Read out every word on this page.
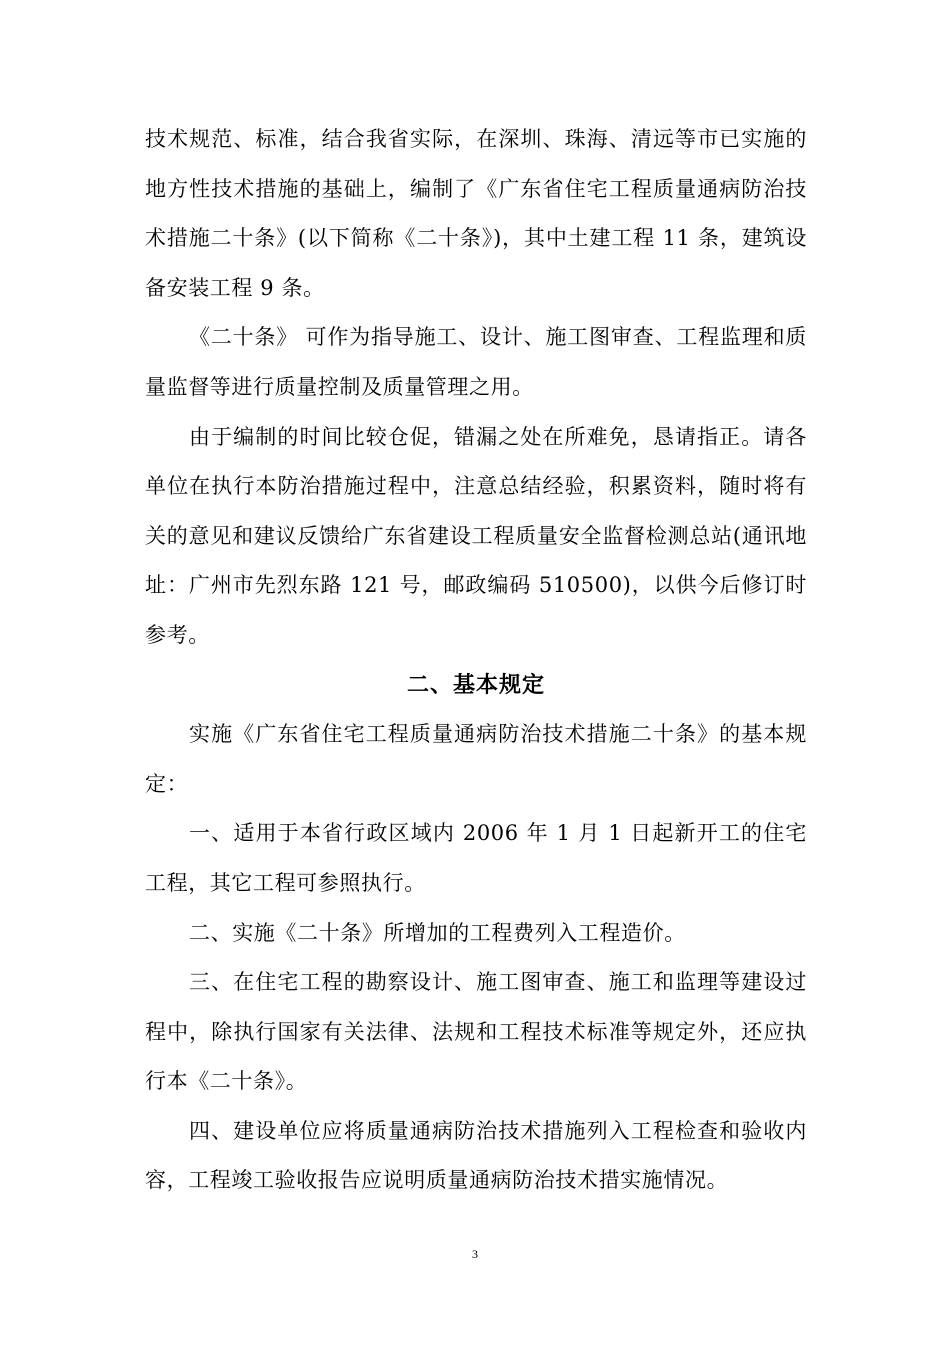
技术规范、标准，结合我省实际，在深圳、珠海、清远等市已实施的地方性技术措施的基础上，编制了《广东省住宅工程质量通病防治技术措施二十条》(以下简称《二十条》)，其中土建工程 11 条，建筑设备安装工程 9 条。

《二十条》 可作为指导施工、设计、施工图审查、工程监理和质量监督等进行质量控制及质量管理之用。

由于编制的时间比较仓促，错漏之处在所难免，恳请指正。请各单位在执行本防治措施过程中，注意总结经验，积累资料，随时将有关的意见和建议反馈给广东省建设工程质量安全监督检测总站(通讯地址：广州市先烈东路 121 号，邮政编码 510500)，以供今后修订时参考。

二、基本规定

实施《广东省住宅工程质量通病防治技术措施二十条》的基本规定：

一、适用于本省行政区域内 2006 年 1 月 1 日起新开工的住宅工程，其它工程可参照执行。

二、实施《二十条》所增加的工程费列入工程造价。

三、在住宅工程的勘察设计、施工图审查、施工和监理等建设过程中，除执行国家有关法律、法规和工程技术标准等规定外，还应执行本《二十条》。

四、建设单位应将质量通病防治技术措施列入工程检查和验收内容，工程竣工验收报告应说明质量通病防治技术措实施情况。

3
